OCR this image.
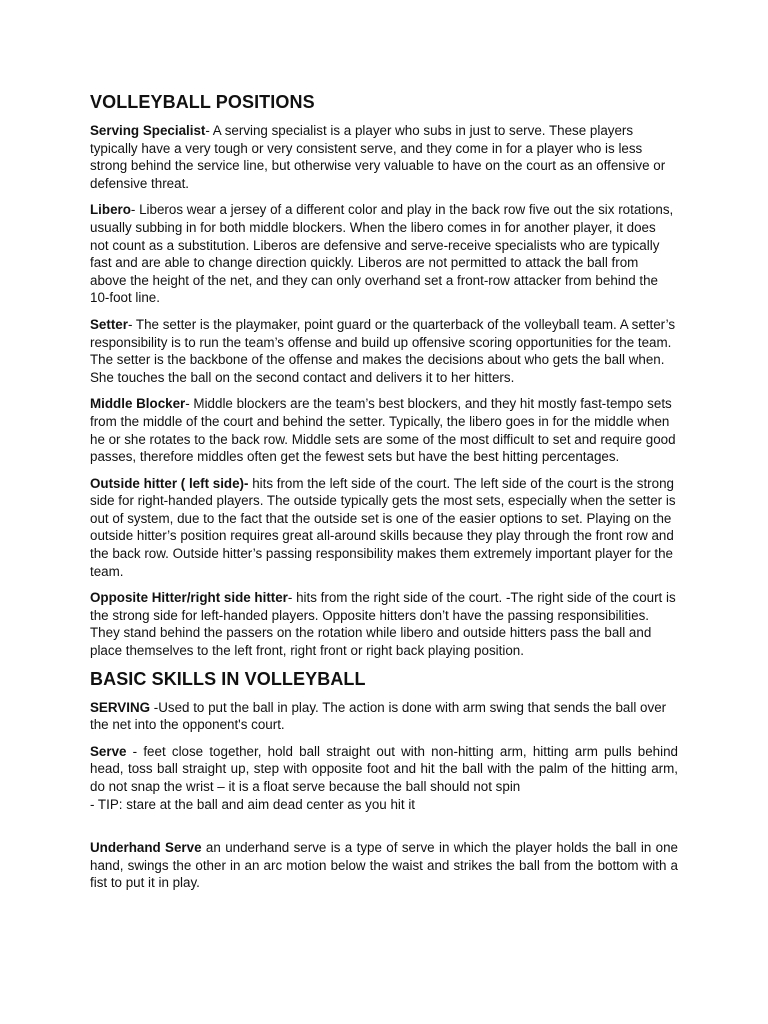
VOLLEYBALL POSITIONS

Serving Specialist- A serving specialist is a player who subs in just to serve. These players typically have a very tough or very consistent serve, and they come in for a player who is less strong behind the service line, but otherwise very valuable to have on the court as an offensive or defensive threat.

Libero- Liberos wear a jersey of a different color and play in the back row five out the six rotations, usually subbing in for both middle blockers. When the libero comes in for another player, it does not count as a substitution. Liberos are defensive and serve-receive specialists who are typically fast and are able to change direction quickly. Liberos are not permitted to attack the ball from above the height of the net, and they can only overhand set a front-row attacker from behind the 10-foot line.

Setter- The setter is the playmaker, point guard or the quarterback of the volleyball team. A setter’s responsibility is to run the team’s offense and build up offensive scoring opportunities for the team. The setter is the backbone of the offense and makes the decisions about who gets the ball when. She touches the ball on the second contact and delivers it to her hitters.

Middle Blocker- Middle blockers are the team’s best blockers, and they hit mostly fast-tempo sets from the middle of the court and behind the setter. Typically, the libero goes in for the middle when he or she rotates to the back row. Middle sets are some of the most difficult to set and require good passes, therefore middles often get the fewest sets but have the best hitting percentages.

Outside hitter ( left side)- hits from the left side of the court. The left side of the court is the strong side for right-handed players. The outside typically gets the most sets, especially when the setter is out of system, due to the fact that the outside set is one of the easier options to set. Playing on the outside hitter’s position requires great all-around skills because they play through the front row and the back row. Outside hitter’s passing responsibility makes them extremely important player for the team.

Opposite Hitter/right side hitter- hits from the right side of the court. -The right side of the court is the strong side for left-handed players. Opposite hitters don’t have the passing responsibilities. They stand behind the passers on the rotation while libero and outside hitters pass the ball and place themselves to the left front, right front or right back playing position.

BASIC SKILLS IN VOLLEYBALL

SERVING -Used to put the ball in play. The action is done with arm swing that sends the ball over the net into the opponent's court.

Serve - feet close together, hold ball straight out with non-hitting arm, hitting arm pulls behind head, toss ball straight up, step with opposite foot and hit the ball with the palm of the hitting arm, do not snap the wrist – it is a float serve because the ball should not spin

- TIP: stare at the ball and aim dead center as you hit it

Underhand Serve an underhand serve is a type of serve in which the player holds the ball in one hand, swings the other in an arc motion below the waist and strikes the ball from the bottom with a fist to put it in play.
